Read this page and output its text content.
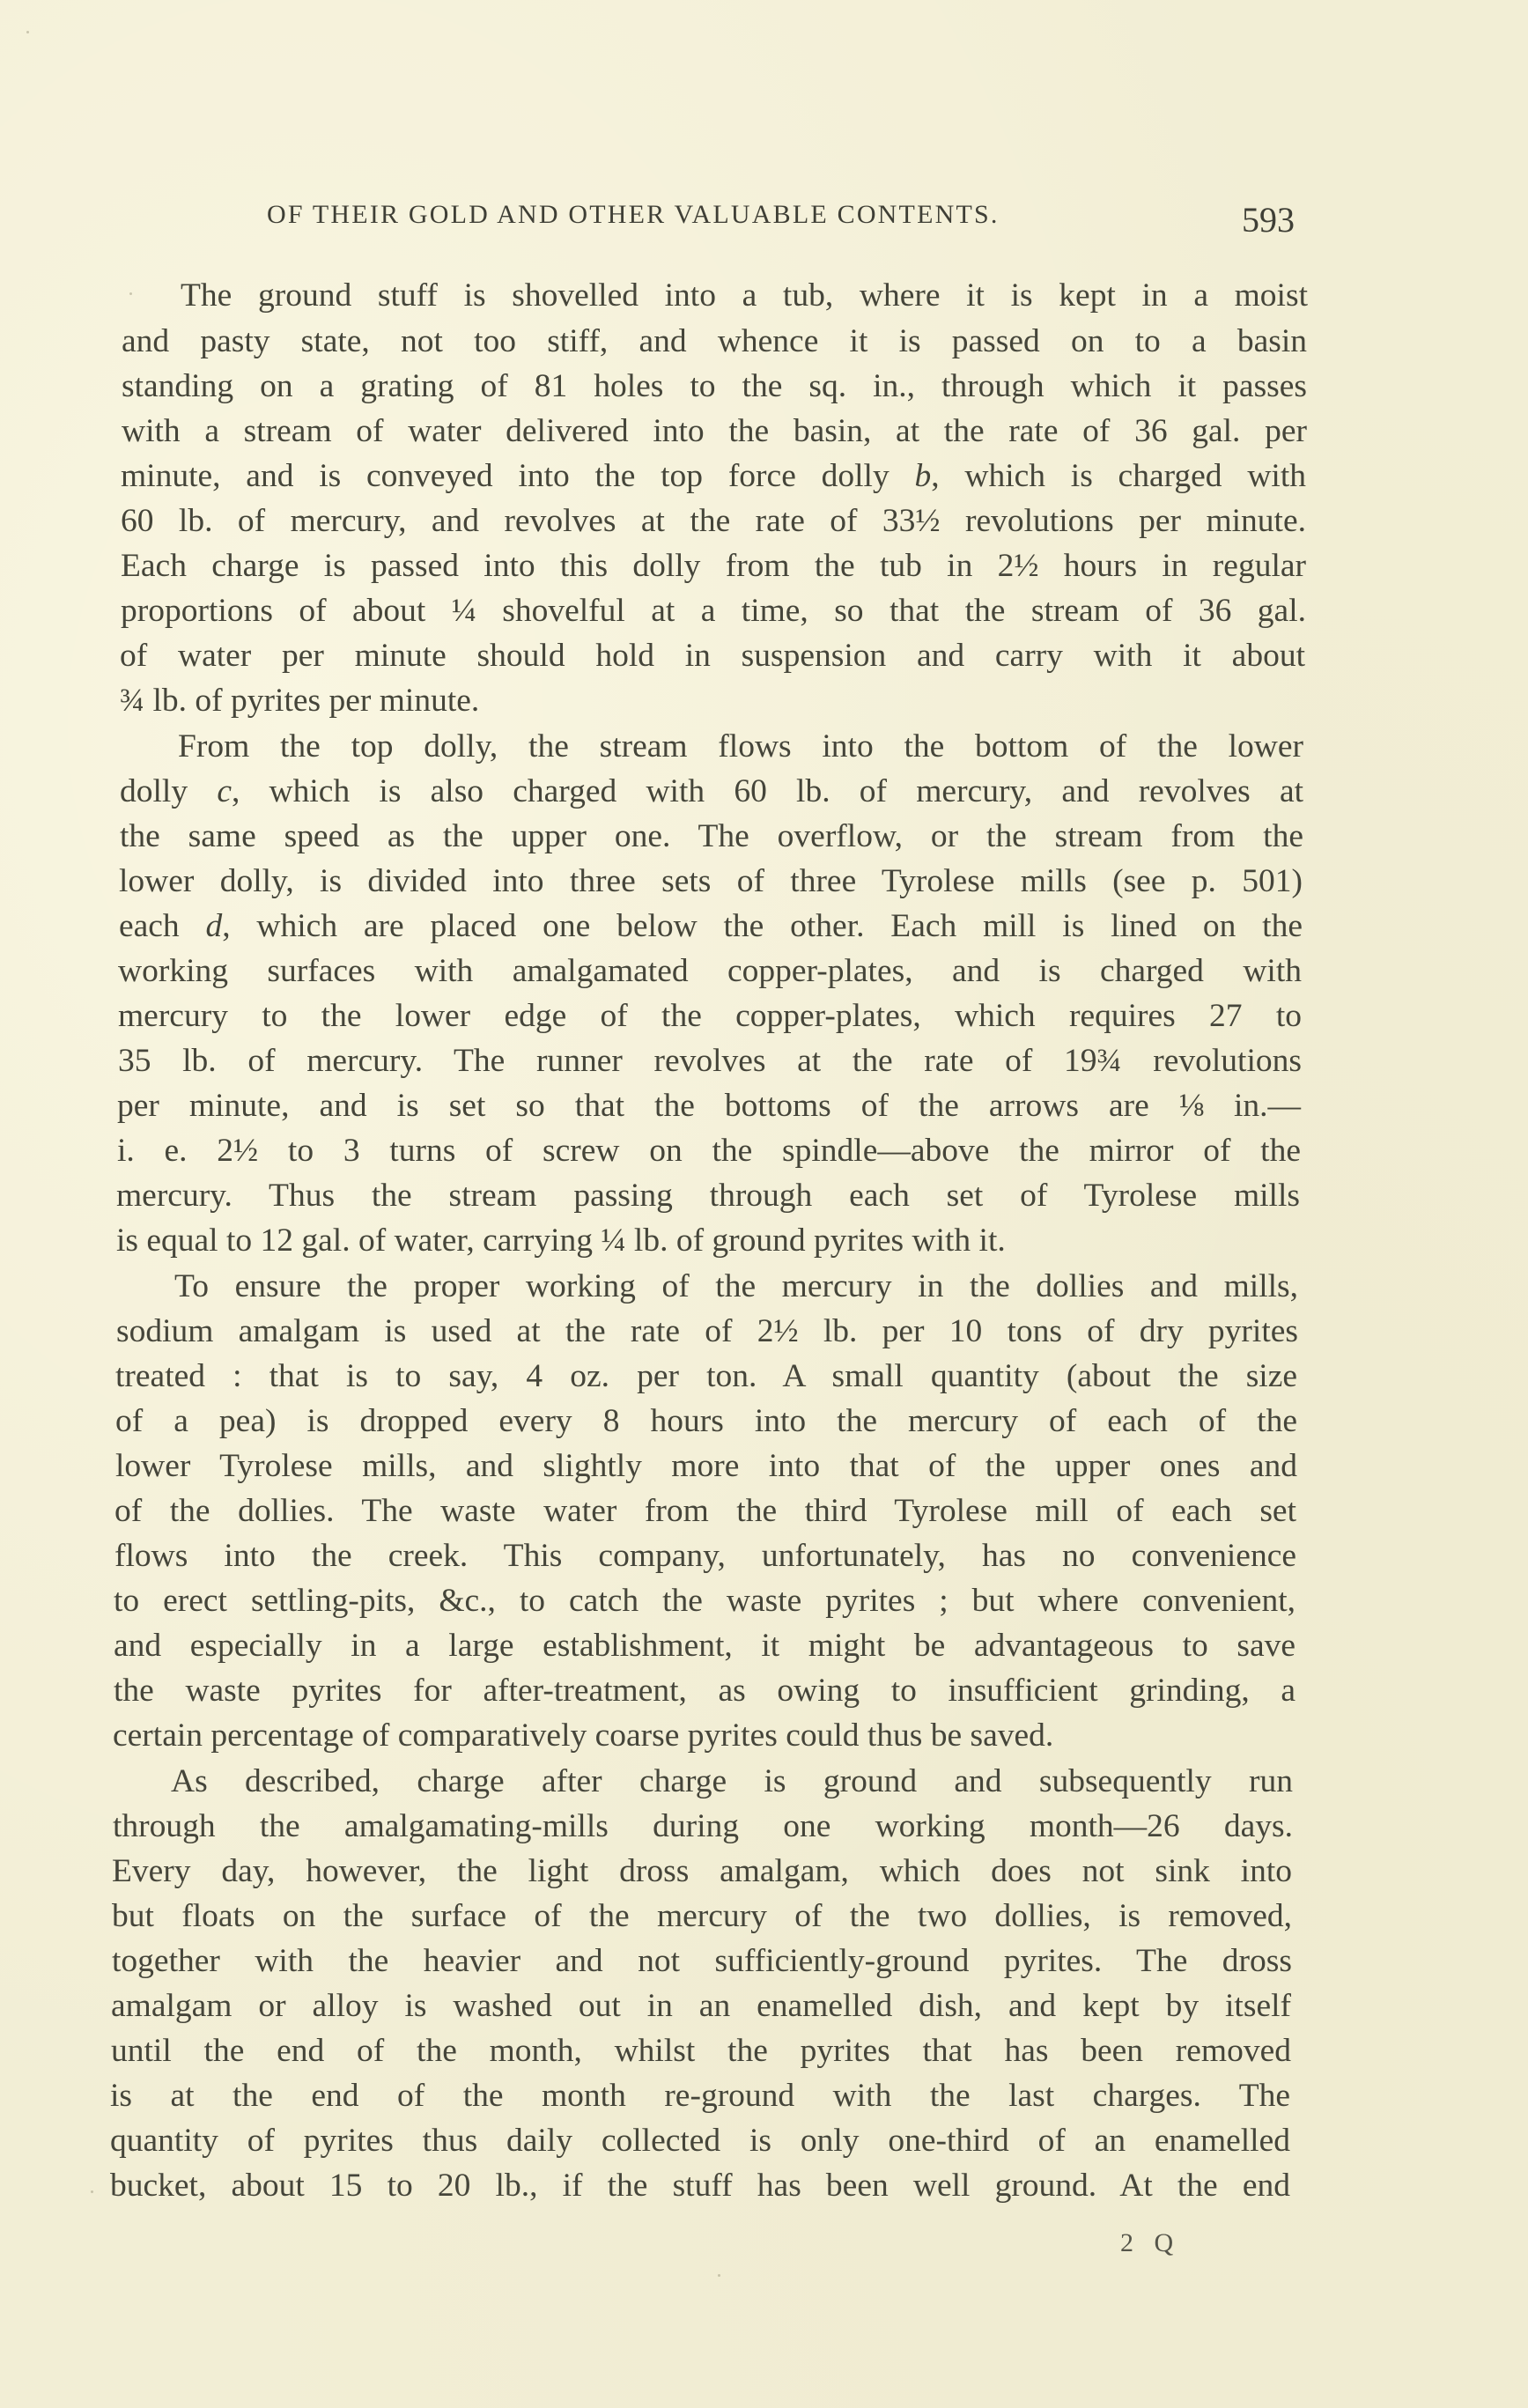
OF THEIR GOLD AND OTHER VALUABLE CONTENTS.	593
The ground stuff is shovelled into a tub, where it is kept in a moist
and pasty state, not too stiff, and whence it is passed on to a basin
standing on a grating of 81 holes to the sq. in., through which it passes
with a stream of water delivered into the basin, at the rate of 36 gal. per
minute, and is conveyed into the top force dolly b, which is charged with
60 lb. of mercury, and revolves at the rate of 33½ revolutions per minute.
Each charge is passed into this dolly from the tub in 2½ hours in regular
proportions of about ¼ shovelful at a time, so that the stream of 36 gal.
of water per minute should hold in suspension and carry with it about
¾ lb. of pyrites per minute.
From the top dolly, the stream flows into the bottom of the lower
dolly c, which is also charged with 60 lb. of mercury, and revolves at
the same speed as the upper one. The overflow, or the stream from the
lower dolly, is divided into three sets of three Tyrolese mills (see p. 501)
each d, which are placed one below the other. Each mill is lined on the
working surfaces with amalgamated copper-plates, and is charged with
mercury to the lower edge of the copper-plates, which requires 27 to
35 lb. of mercury. The runner revolves at the rate of 19¾ revolutions
per minute, and is set so that the bottoms of the arrows are ⅛ in.—
i. e. 2½ to 3 turns of screw on the spindle—above the mirror of the
mercury. Thus the stream passing through each set of Tyrolese mills
is equal to 12 gal. of water, carrying ¼ lb. of ground pyrites with it.
To ensure the proper working of the mercury in the dollies and mills,
sodium amalgam is used at the rate of 2½ lb. per 10 tons of dry pyrites
treated : that is to say, 4 oz. per ton. A small quantity (about the size
of a pea) is dropped every 8 hours into the mercury of each of the
lower Tyrolese mills, and slightly more into that of the upper ones and
of the dollies. The waste water from the third Tyrolese mill of each set
flows into the creek. This company, unfortunately, has no convenience
to erect settling-pits, &c., to catch the waste pyrites ; but where convenient,
and especially in a large establishment, it might be advantageous to save
the waste pyrites for after-treatment, as owing to insufficient grinding, a
certain percentage of comparatively coarse pyrites could thus be saved.
As described, charge after charge is ground and subsequently run
through the amalgamating-mills during one working month—26 days.
Every day, however, the light dross amalgam, which does not sink into
but floats on the surface of the mercury of the two dollies, is removed,
together with the heavier and not sufficiently-ground pyrites. The dross
amalgam or alloy is washed out in an enamelled dish, and kept by itself
until the end of the month, whilst the pyrites that has been removed
is at the end of the month re-ground with the last charges. The
quantity of pyrites thus daily collected is only one-third of an enamelled
bucket, about 15 to 20 lb., if the stuff has been well ground. At the end
2 Q
